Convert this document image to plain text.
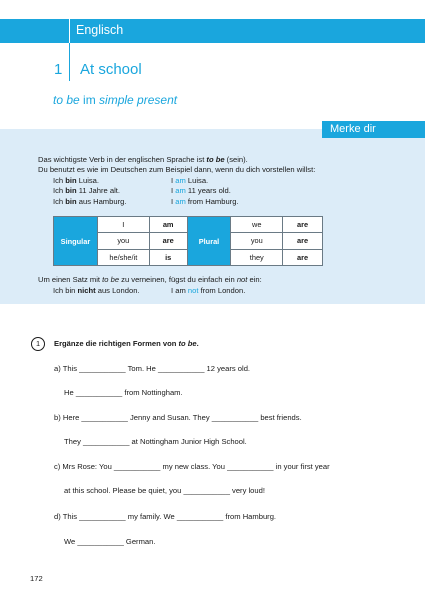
Englisch
1 At school
to be im simple present
Merke dir
Das wichtigste Verb in der englischen Sprache ist to be (sein).
Du benutzt es wie im Deutschen zum Beispiel dann, wenn du dich vorstellen willst:
Ich bin Luisa.	I am Luisa.
Ich bin 11 Jahre alt.	I am 11 years old.
Ich bin aus Hamburg.	I am from Hamburg.
Singular	I	am	Plural	we	are
	you	are		you	are
	he/she/it	is		they	are
Um einen Satz mit to be zu verneinen, fügst du einfach ein not ein:
Ich bin nicht aus London.	I am not from London.
1	Ergänze die richtigen Formen von to be.
a) This ___________ Tom. He ___________ 12 years old.
He ___________ from Nottingham.
b) Here ___________ Jenny and Susan. They ___________ best friends.
They ___________ at Nottingham Junior High School.
c) Mrs Rose: You ___________ my new class. You ___________ in your first year
at this school. Please be quiet, you ___________ very loud!
d) This ___________ my family. We ___________ from Hamburg.
We ___________ German.
172
